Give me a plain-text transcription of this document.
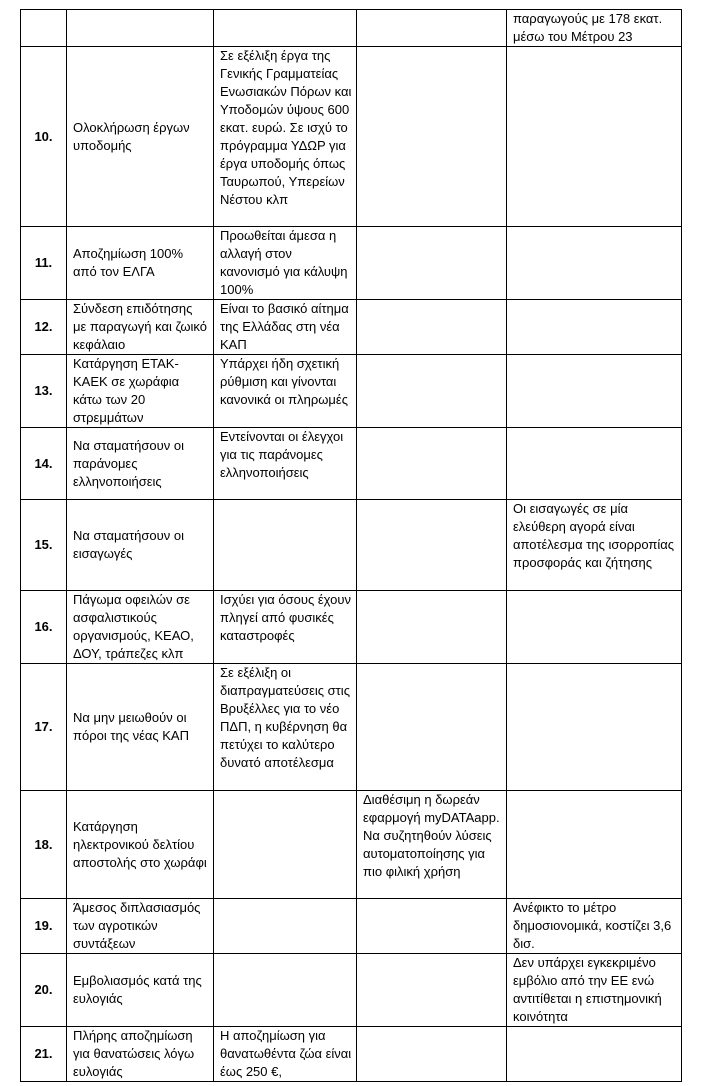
				παραγωγούς με 178 εκατ. μέσω του Μέτρου 23
10.	Ολοκλήρωση έργων υποδομής	Σε εξέλιξη έργα της Γενικής Γραμματείας Ενωσιακών Πόρων και Υποδομών ύψους 600 εκατ. ευρώ. Σε ισχύ το πρόγραμμα ΥΔΩΡ για έργα υποδομής όπως Ταυρωπού, Υπερείων Νέστου κλπ		
11.	Αποζημίωση 100% από τον ΕΛΓΑ	Προωθείται άμεσα η αλλαγή στον κανονισμό για κάλυψη 100%		
12.	Σύνδεση επιδότησης με παραγωγή και ζωικό κεφάλαιο	Είναι το βασικό αίτημα της Ελλάδας στη νέα ΚΑΠ		
13.	Κατάργηση ΕΤΑΚ-ΚΑΕΚ σε χωράφια κάτω των 20 στρεμμάτων	Υπάρχει ήδη σχετική ρύθμιση και γίνονται κανονικά οι πληρωμές		
14.	Να σταματήσουν οι παράνομες ελληνοποιήσεις	Εντείνονται οι έλεγχοι για τις παράνομες ελληνοποιήσεις		
15.	Να σταματήσουν οι εισαγωγές			Οι εισαγωγές σε μία ελεύθερη αγορά είναι αποτέλεσμα της ισορροπίας προσφοράς και ζήτησης
16.	Πάγωμα οφειλών σε ασφαλιστικούς οργανισμούς, ΚΕΑΟ, ΔΟΥ, τράπεζες κλπ	Ισχύει για όσους έχουν πληγεί από φυσικές καταστροφές		
17.	Να μην μειωθούν οι πόροι της νέας ΚΑΠ	Σε εξέλιξη οι διαπραγματεύσεις στις Βρυξέλλες για το νέο ΠΔΠ, η κυβέρνηση θα πετύχει το καλύτερο δυνατό αποτέλεσμα		
18.	Κατάργηση ηλεκτρονικού δελτίου αποστολής στο χωράφι		Διαθέσιμη η δωρεάν εφαρμογή myDATAapp. Να συζητηθούν λύσεις αυτοματοποίησης για πιο φιλική χρήση	
19.	Άμεσος διπλασιασμός των αγροτικών συντάξεων			Ανέφικτο το μέτρο δημοσιονομικά, κοστίζει 3,6 δισ.
20.	Εμβολιασμός κατά της ευλογιάς			Δεν υπάρχει εγκεκριμένο εμβόλιο από την ΕΕ ενώ αντιτίθεται η επιστημονική κοινότητα
21.	Πλήρης αποζημίωση για θανατώσεις λόγω ευλογιάς	Η αποζημίωση για θανατωθέντα ζώα είναι έως 250 €,		
